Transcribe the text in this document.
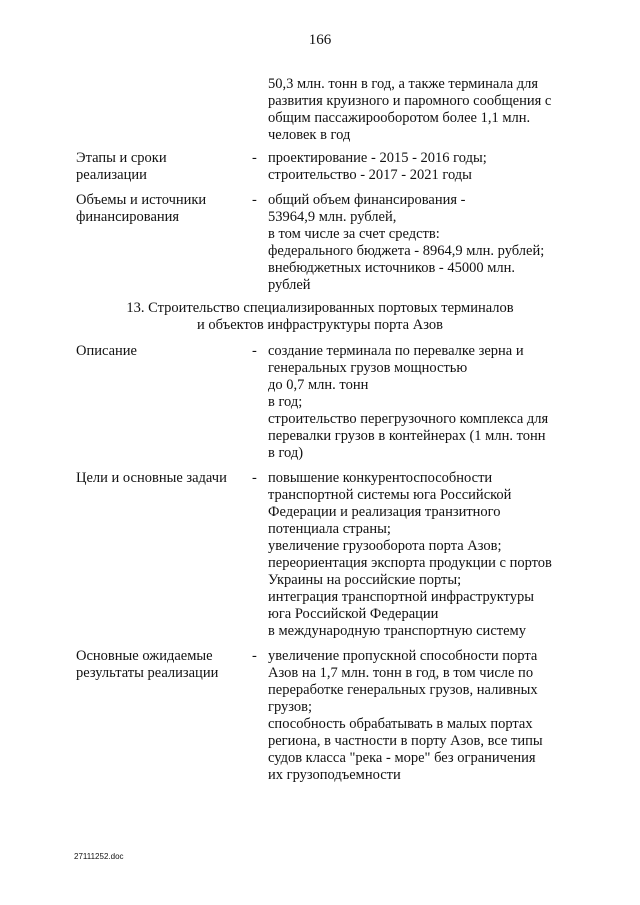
166
50,3 млн. тонн в год, а также терминала для
развития круизного и паромного сообщения с
общим пассажирооборотом более 1,1 млн.
человек в год
Этапы и сроки
реализации
- проектирование - 2015 - 2016 годы;
строительство - 2017 - 2021 годы
Объемы и источники
финансирования
- общий объем финансирования -
53964,9 млн. рублей,
в том числе за счет средств:
федерального бюджета - 8964,9 млн. рублей;
внебюджетных источников - 45000 млн.
рублей
13. Строительство специализированных портовых терминалов
и объектов инфраструктуры порта Азов
Описание	- создание терминала по перевалке зерна и
генеральных грузов мощностью
до 0,7 млн. тонн
в год;
строительство перегрузочного комплекса для
перевалки грузов в контейнерах (1 млн. тонн
в год)
Цели и основные задачи	- повышение конкурентоспособности
транспортной системы юга Российской
Федерации и реализация транзитного
потенциала страны;
увеличение грузооборота порта Азов;
переориентация экспорта продукции с портов
Украины на российские порты;
интеграция транспортной инфраструктуры
юга Российской Федерации
в международную транспортную систему
Основные ожидаемые
результаты реализации
- увеличение пропускной способности порта
Азов на 1,7 млн. тонн в год, в том числе по
переработке генеральных грузов, наливных
грузов;
способность обрабатывать в малых портах
региона, в частности в порту Азов, все типы
судов класса "река - море" без ограничения
их грузоподъемности
27111252.doc
